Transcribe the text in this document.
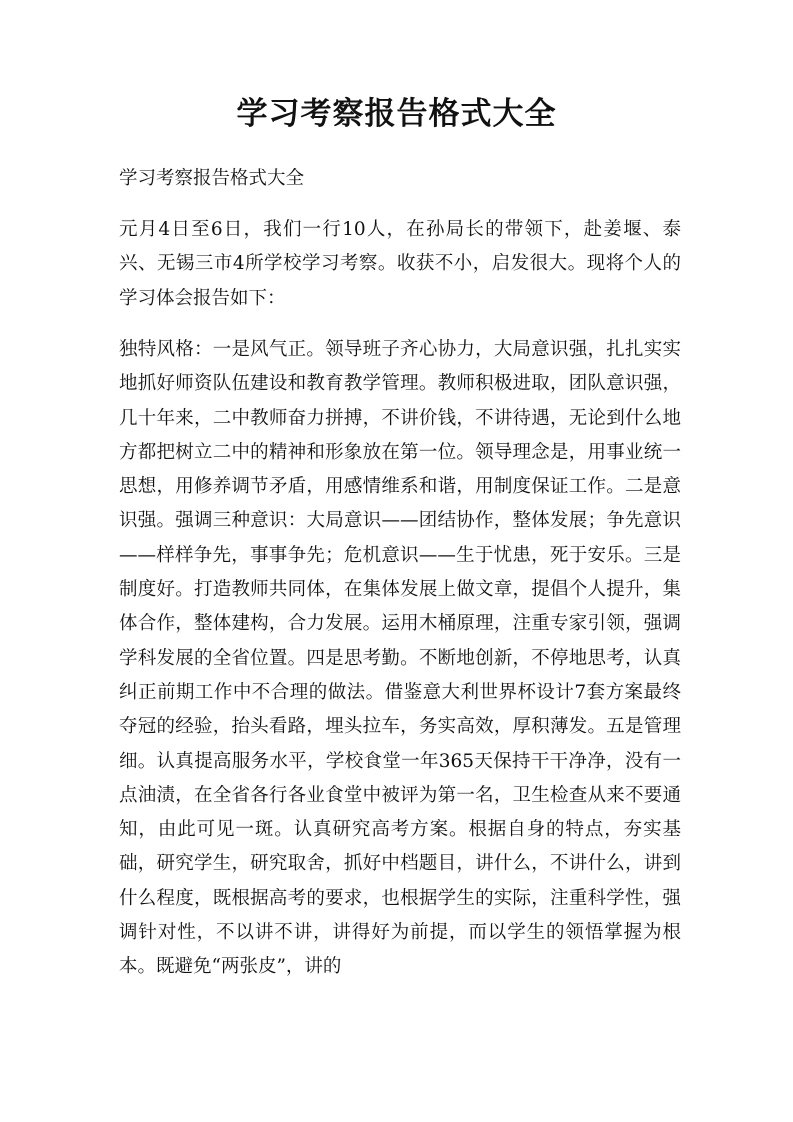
学习考察报告格式大全

学习考察报告格式大全

元月4日至6日，我们一行10人，在孙局长的带领下，赴姜堰、泰兴、无锡三市4所学校学习考察。收获不小，启发很大。现将个人的学习体会报告如下：

独特风格：一是风气正。领导班子齐心协力，大局意识强，扎扎实实地抓好师资队伍建设和教育教学管理。教师积极进取，团队意识强，几十年来，二中教师奋力拼搏，不讲价钱，不讲待遇，无论到什么地方都把树立二中的精神和形象放在第一位。领导理念是，用事业统一思想，用修养调节矛盾，用感情维系和谐，用制度保证工作。二是意识强。强调三种意识：大局意识——团结协作，整体发展；争先意识——样样争先，事事争先；危机意识——生于忧患，死于安乐。三是制度好。打造教师共同体，在集体发展上做文章，提倡个人提升，集体合作，整体建构，合力发展。运用木桶原理，注重专家引领，强调学科发展的全省位置。四是思考勤。不断地创新，不停地思考，认真纠正前期工作中不合理的做法。借鉴意大利世界杯设计7套方案最终夺冠的经验，抬头看路，埋头拉车，务实高效，厚积薄发。五是管理细。认真提高服务水平，学校食堂一年365天保持干干净净，没有一点油渍，在全省各行各业食堂中被评为第一名，卫生检查从来不要通知，由此可见一斑。认真研究高考方案。根据自身的特点，夯实基础，研究学生，研究取舍，抓好中档题目，讲什么，不讲什么，讲到什么程度，既根据高考的要求，也根据学生的实际，注重科学性，强调针对性，不以讲不讲，讲得好为前提，而以学生的领悟掌握为根本。既避免“两张皮”，讲的
